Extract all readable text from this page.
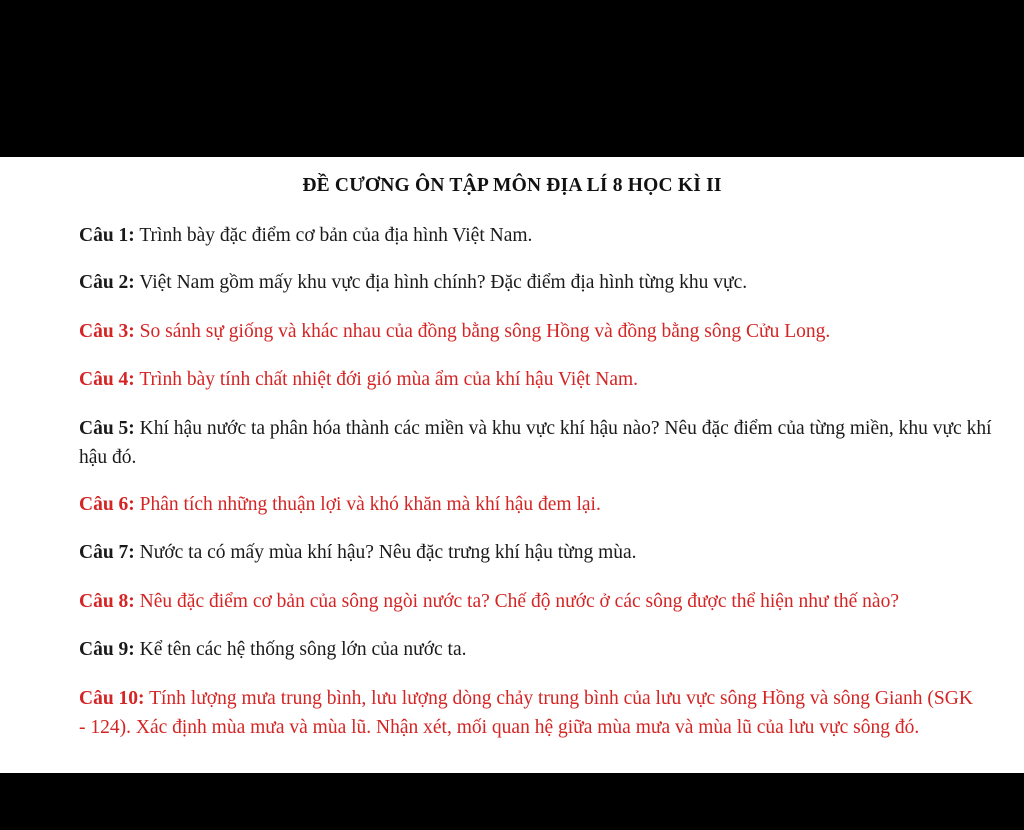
ĐỀ CƯƠNG ÔN TẬP MÔN ĐỊA LÍ 8 HỌC KÌ II
Câu 1: Trình bày đặc điểm cơ bản của địa hình Việt Nam.
Câu 2: Việt Nam gồm mấy khu vực địa hình chính? Đặc điểm địa hình từng khu vực.
Câu 3: So sánh sự giống và khác nhau của đồng bằng sông Hồng và đồng bằng sông Cửu Long.
Câu 4: Trình bày tính chất nhiệt đới gió mùa ẩm của khí hậu Việt Nam.
Câu 5: Khí hậu nước ta phân hóa thành các miền và khu vực khí hậu nào? Nêu đặc điểm của từng miền, khu vực khí hậu đó.
Câu 6: Phân tích những thuận lợi và khó khăn mà khí hậu đem lại.
Câu 7: Nước ta có mấy mùa khí hậu? Nêu đặc trưng khí hậu từng mùa.
Câu 8: Nêu đặc điểm cơ bản của sông ngòi nước ta? Chế độ nước ở các sông được thể hiện như thế nào?
Câu 9: Kể tên các hệ thống sông lớn của nước ta.
Câu 10: Tính lượng mưa trung bình, lưu lượng dòng chảy trung bình của lưu vực sông Hồng và sông Gianh (SGK - 124). Xác định mùa mưa và mùa lũ. Nhận xét, mối quan hệ giữa mùa mưa và mùa lũ của lưu vực sông đó.
